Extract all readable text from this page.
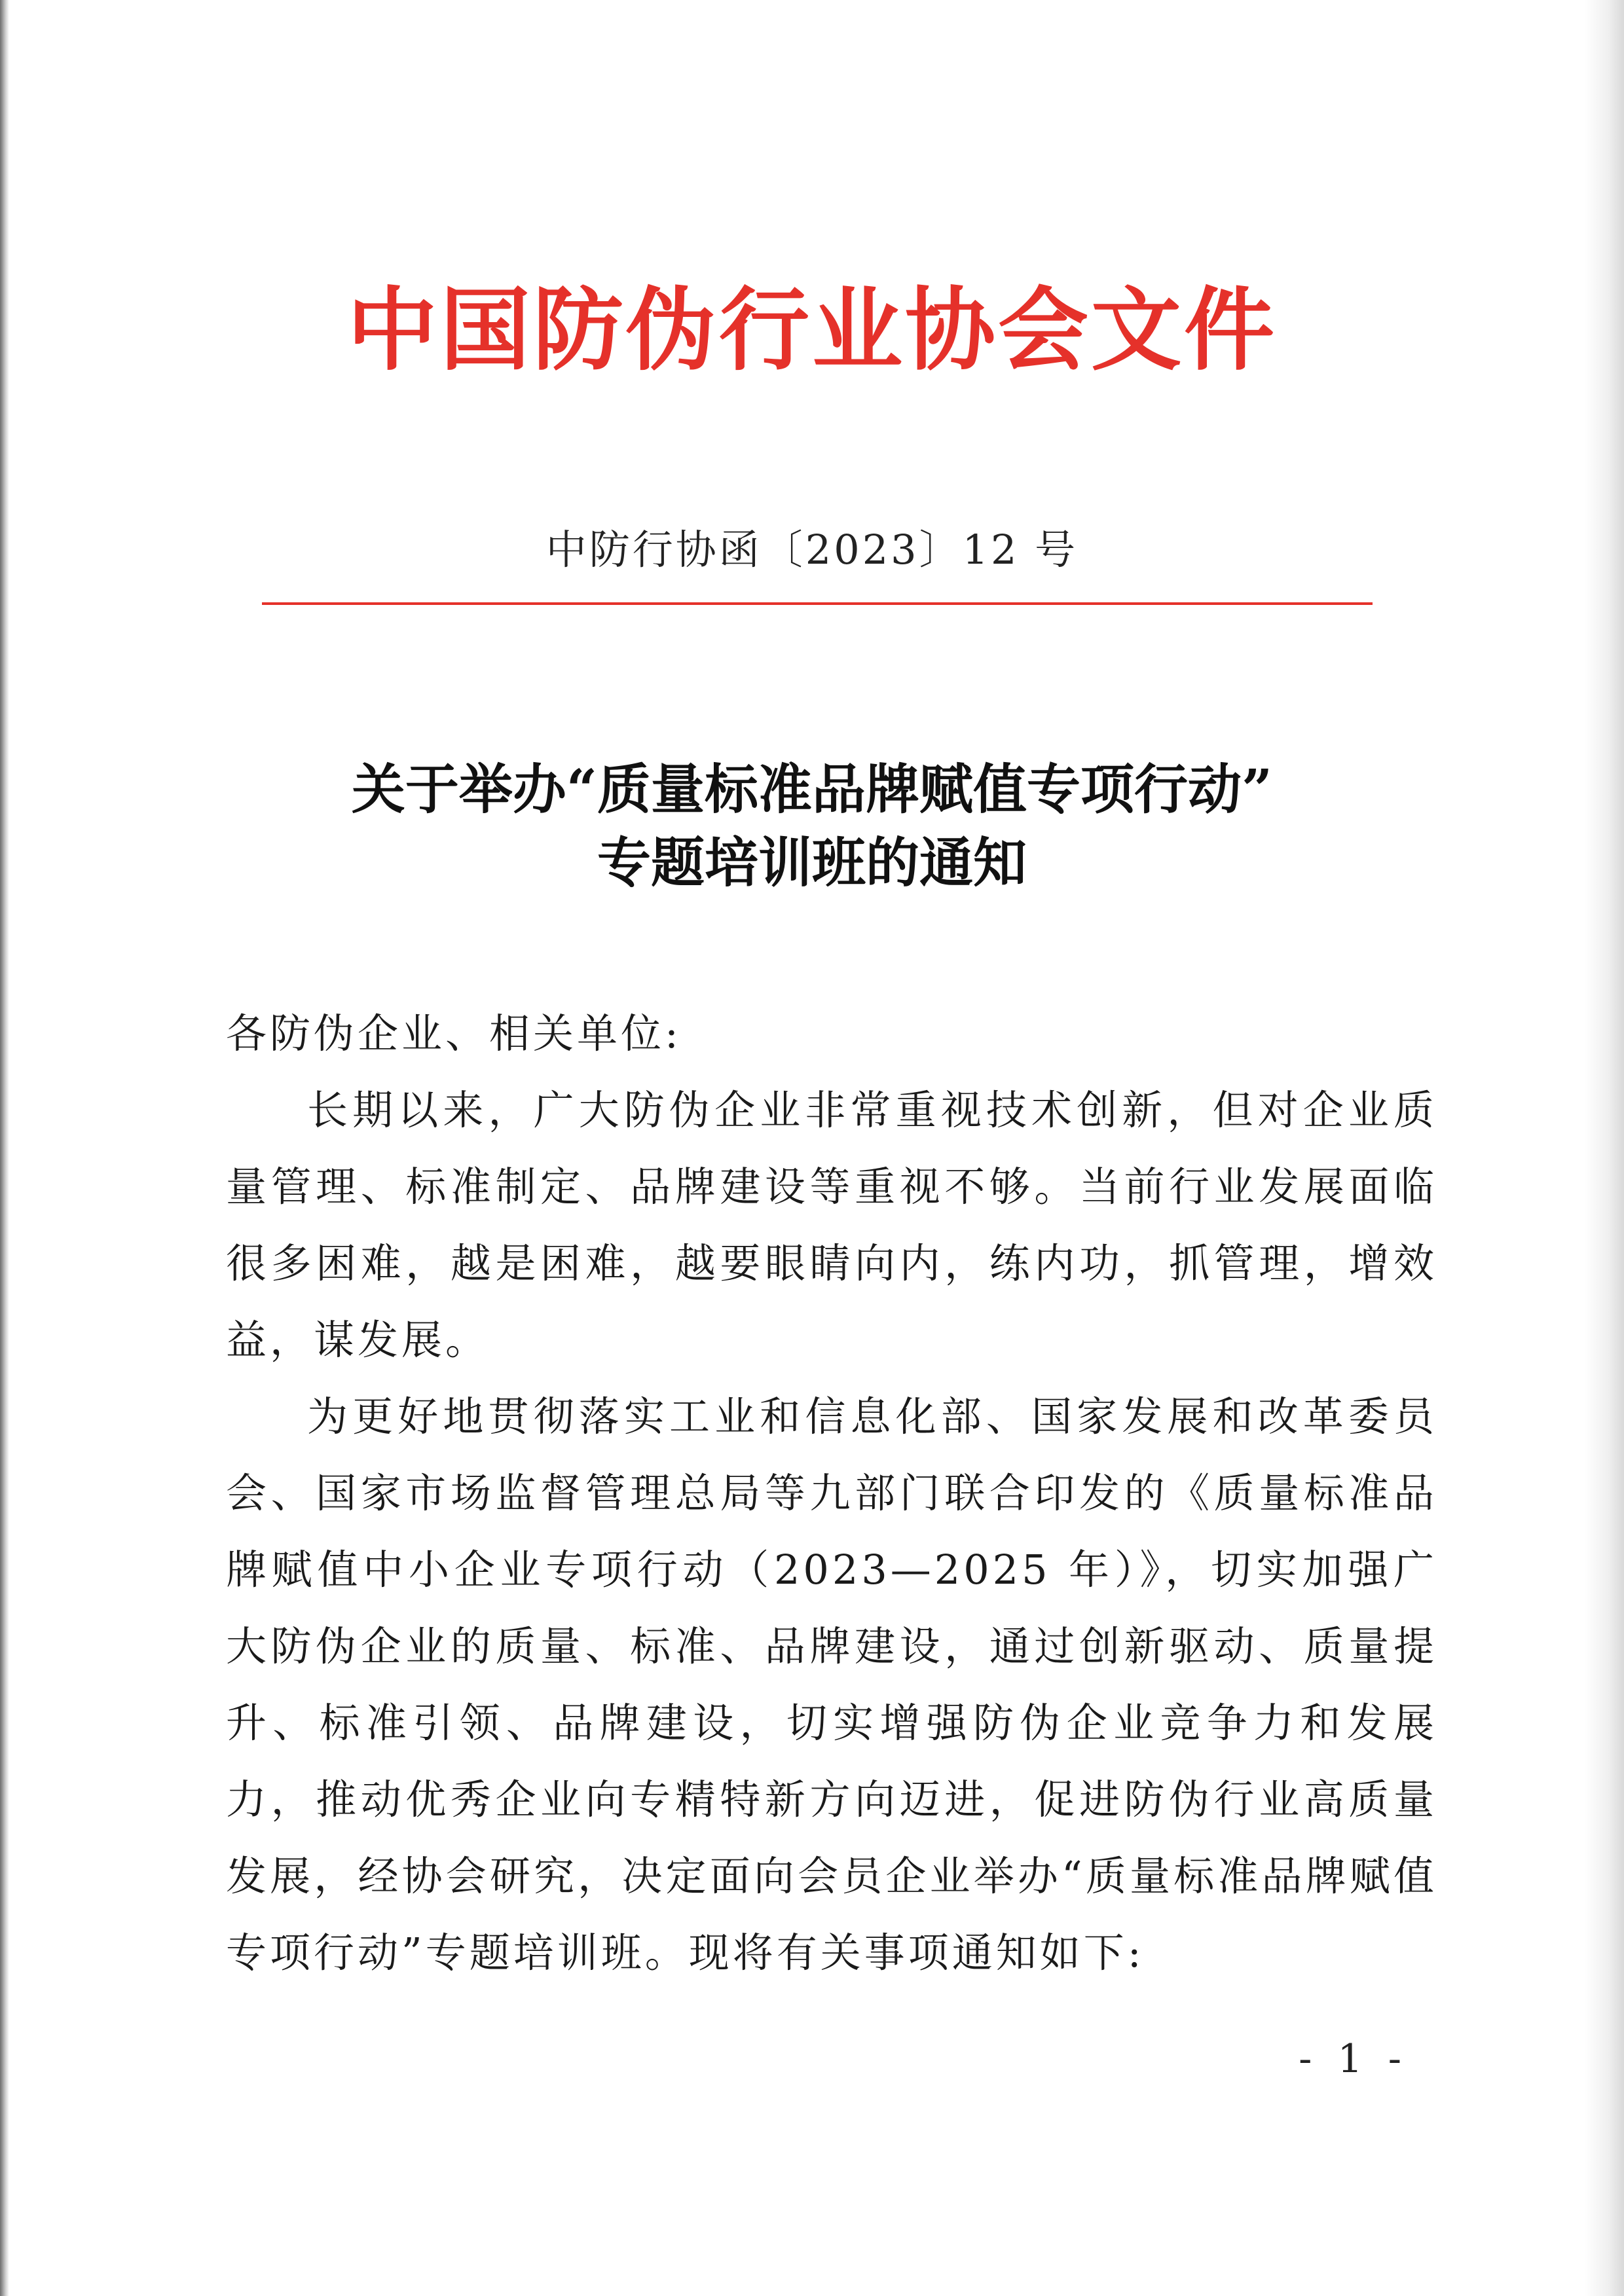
中国防伪行业协会文件
中防行协函〔2023〕12 号
关于举办“质量标准品牌赋值专项行动”
专题培训班的通知

各防伪企业、相关单位:

长期以来，广大防伪企业非常重视技术创新，但对企业质量管理、标准制定、品牌建设等重视不够。当前行业发展面临很多困难，越是困难，越要眼睛向内，练内功，抓管理，增效益，谋发展。

为更好地贯彻落实工业和信息化部、国家发展和改革委员会、国家市场监督管理总局等九部门联合印发的《质量标准品牌赋值中小企业专项行动（2023—2025 年）》，切实加强广大防伪企业的质量、标准、品牌建设，通过创新驱动、质量提升、标准引领、品牌建设，切实增强防伪企业竞争力和发展力，推动优秀企业向专精特新方向迈进，促进防伪行业高质量发展，经协会研究，决定面向会员企业举办“质量标准品牌赋值专项行动”专题培训班。现将有关事项通知如下:

- 1 -
